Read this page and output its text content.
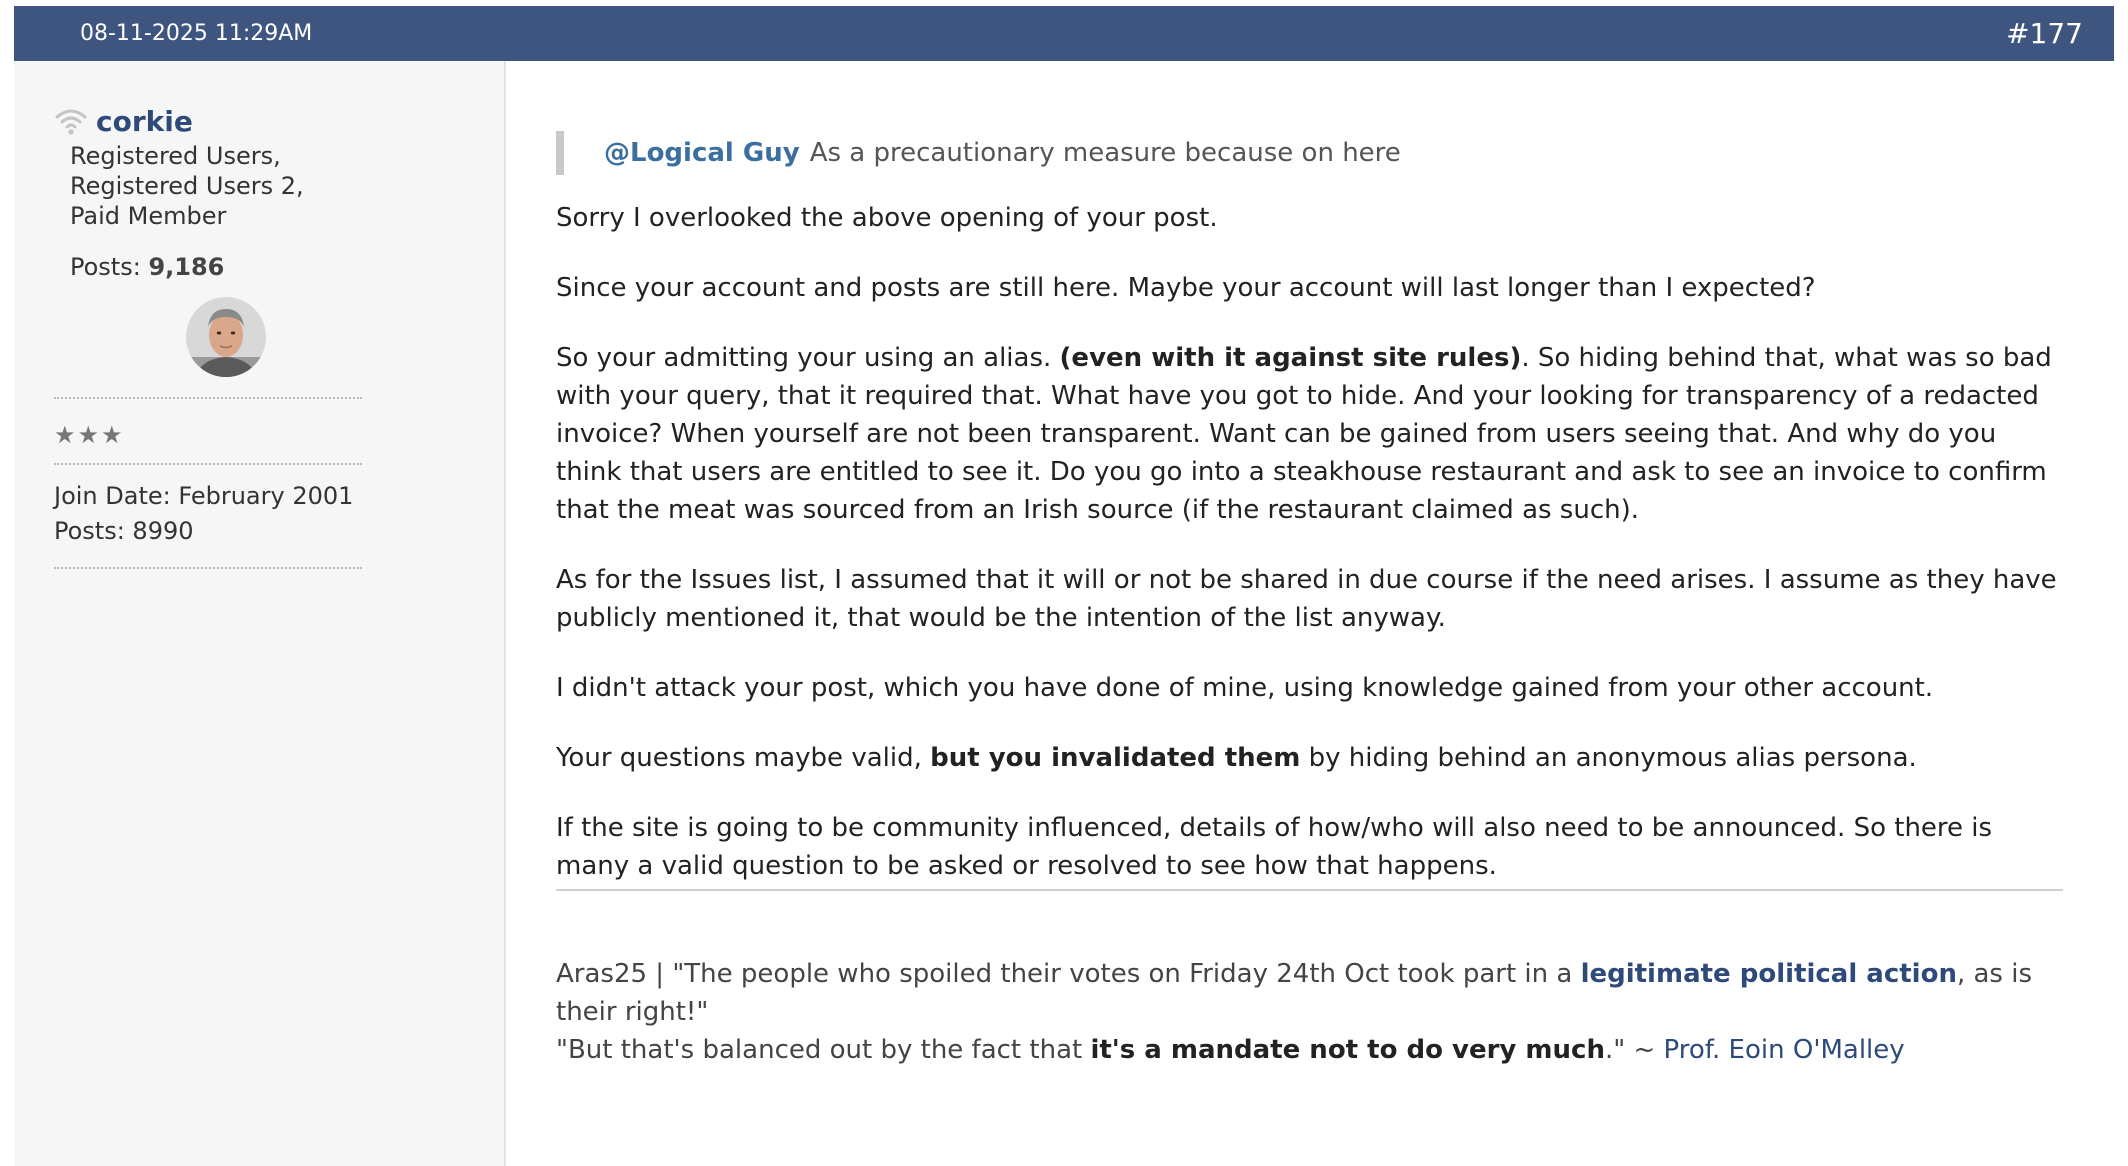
08-11-2025 11:29AM	#177
corkie
Registered Users,
Registered Users 2,
Paid Member
Posts: 9,186
★★★
Join Date: February 2001
Posts: 8990
@Logical Guy As a precautionary measure because on here

Sorry I overlooked the above opening of your post.

Since your account and posts are still here. Maybe your account will last longer than I expected?

So your admitting your using an alias. (even with it against site rules). So hiding behind that, what was so bad with your query, that it required that. What have you got to hide. And your looking for transparency of a redacted invoice? When yourself are not been transparent. Want can be gained from users seeing that. And why do you think that users are entitled to see it. Do you go into a steakhouse restaurant and ask to see an invoice to confirm that the meat was sourced from an Irish source (if the restaurant claimed as such).

As for the Issues list, I assumed that it will or not be shared in due course if the need arises. I assume as they have publicly mentioned it, that would be the intention of the list anyway.

I didn't attack your post, which you have done of mine, using knowledge gained from your other account.

Your questions maybe valid, but you invalidated them by hiding behind an anonymous alias persona.

If the site is going to be community influenced, details of how/who will also need to be announced. So there is many a valid question to be asked or resolved to see how that happens.

Aras25 | "The people who spoiled their votes on Friday 24th Oct took part in a legitimate political action, as is their right!"
"But that's balanced out by the fact that it's a mandate not to do very much." ~ Prof. Eoin O'Malley
